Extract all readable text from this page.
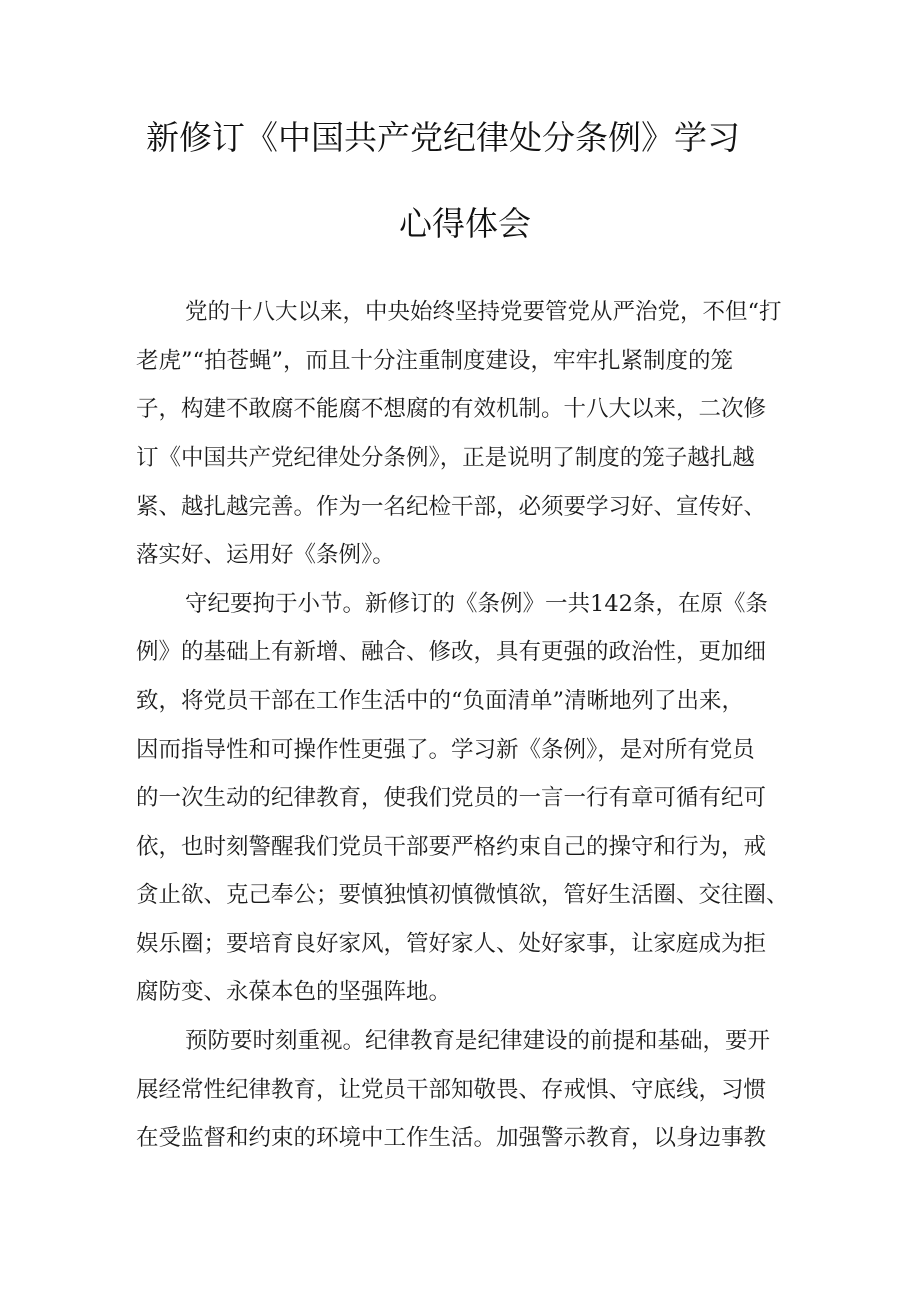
新修订《中国共产党纪律处分条例》学习
心得体会
党的十八大以来，中央始终坚持党要管党从严治党，不但“打
老虎”“拍苍蝇”，而且十分注重制度建设，牢牢扎紧制度的笼
子，构建不敢腐不能腐不想腐的有效机制。十八大以来，二次修
订《中国共产党纪律处分条例》，正是说明了制度的笼子越扎越
紧、越扎越完善。作为一名纪检干部，必须要学习好、宣传好、
落实好、运用好《条例》。
守纪要拘于小节。新修订的《条例》一共142条，在原《条
例》的基础上有新增、融合、修改，具有更强的政治性，更加细
致，将党员干部在工作生活中的“负面清单”清晰地列了出来，
因而指导性和可操作性更强了。学习新《条例》，是对所有党员
的一次生动的纪律教育，使我们党员的一言一行有章可循有纪可
依，也时刻警醒我们党员干部要严格约束自己的操守和行为，戒
贪止欲、克己奉公；要慎独慎初慎微慎欲，管好生活圈、交往圈、
娱乐圈；要培育良好家风，管好家人、处好家事，让家庭成为拒
腐防变、永葆本色的坚强阵地。
预防要时刻重视。纪律教育是纪律建设的前提和基础，要开
展经常性纪律教育，让党员干部知敬畏、存戒惧、守底线，习惯
在受监督和约束的环境中工作生活。加强警示教育，以身边事教
